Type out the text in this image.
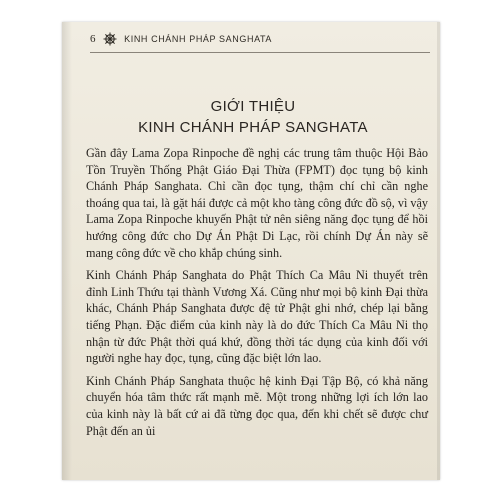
6	KINH CHÁNH PHÁP SANGHATA
GIỚI THIỆU
KINH CHÁNH PHÁP SANGHATA

Gần đây Lama Zopa Rinpoche đề nghị các trung tâm thuộc Hội Bảo Tồn Truyền Thống Phật Giáo Đại Thừa (FPMT) đọc tụng bộ kinh Chánh Pháp Sanghata. Chỉ cần đọc tụng, thậm chí chỉ cần nghe thoáng qua tai, là gặt hái được cả một kho tàng công đức đồ sộ, vì vậy Lama Zopa Rinpoche khuyến Phật tử nên siêng năng đọc tụng để hồi hướng công đức cho Dự Án Phật Di Lạc, rồi chính Dự Án này sẽ mang công đức về cho khắp chúng sinh.

Kinh Chánh Pháp Sanghata do Phật Thích Ca Mâu Ni thuyết trên đỉnh Linh Thứu tại thành Vương Xá. Cũng như mọi bộ kinh Đại thừa khác, Chánh Pháp Sanghata được đệ tử Phật ghi nhớ, chép lại bằng tiếng Phạn. Đặc điểm của kinh này là do đức Thích Ca Mâu Ni thọ nhận từ đức Phật thời quá khứ, đồng thời tác dụng của kinh đối với người nghe hay đọc, tụng, cũng đặc biệt lớn lao.

Kinh Chánh Pháp Sanghata thuộc hệ kinh Đại Tập Bộ, có khả năng chuyển hóa tâm thức rất mạnh mẽ. Một trong những lợi ích lớn lao của kinh này là bất cứ ai đã từng đọc qua, đến khi chết sẽ được chư Phật đến an ủi
